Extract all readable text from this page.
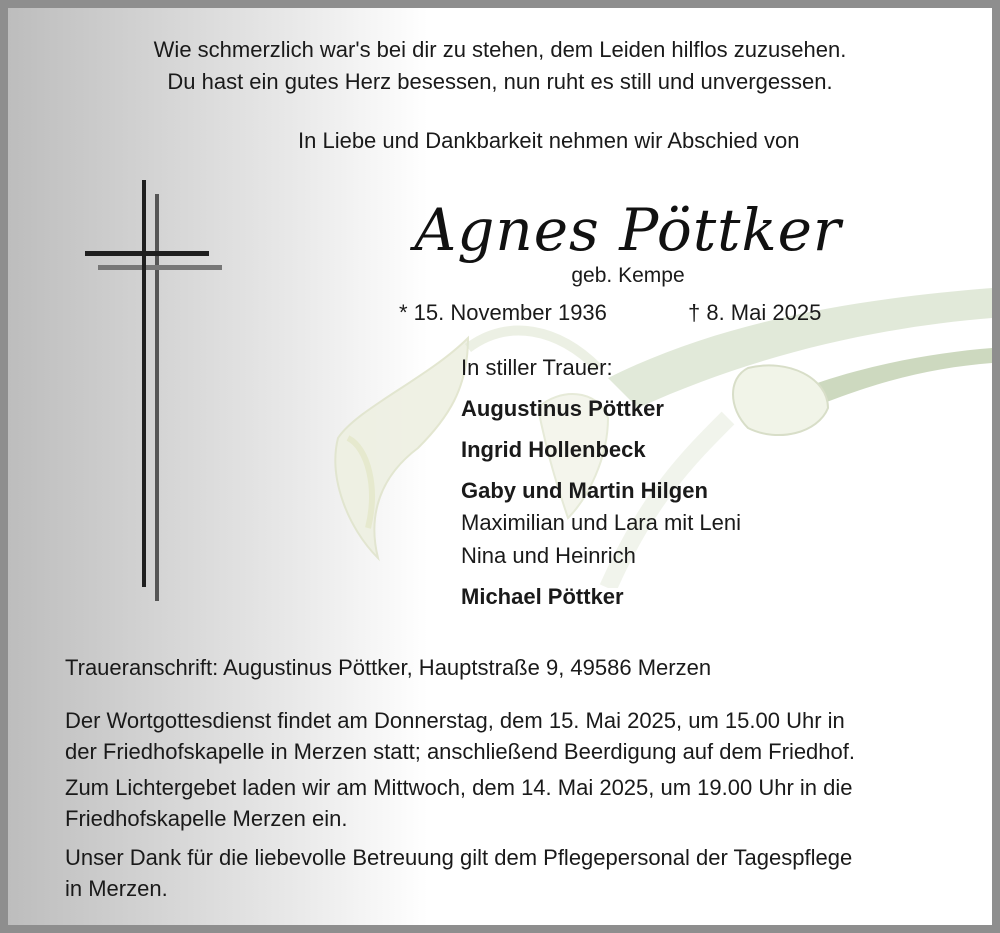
Wie schmerzlich war's bei dir zu stehen, dem Leiden hilflos zuzusehen.
Du hast ein gutes Herz besessen, nun ruht es still und unvergessen.
In Liebe und Dankbarkeit nehmen wir Abschied von
Agnes Pöttker
geb. Kempe
* 15. November 1936	† 8. Mai 2025
In stiller Trauer:
Augustinus Pöttker
Ingrid Hollenbeck
Gaby und Martin Hilgen
Maximilian und Lara mit Leni
Nina und Heinrich
Michael Pöttker
Traueranschrift: Augustinus Pöttker, Hauptstraße 9, 49586 Merzen
Der Wortgottesdienst findet am Donnerstag, dem 15. Mai 2025, um 15.00 Uhr in
der Friedhofskapelle in Merzen statt; anschließend Beerdigung auf dem Friedhof.
Zum Lichtergebet laden wir am Mittwoch, dem 14. Mai 2025, um 19.00 Uhr in die
Friedhofskapelle Merzen ein.
Unser Dank für die liebevolle Betreuung gilt dem Pflegepersonal der Tagespflege
in Merzen.
